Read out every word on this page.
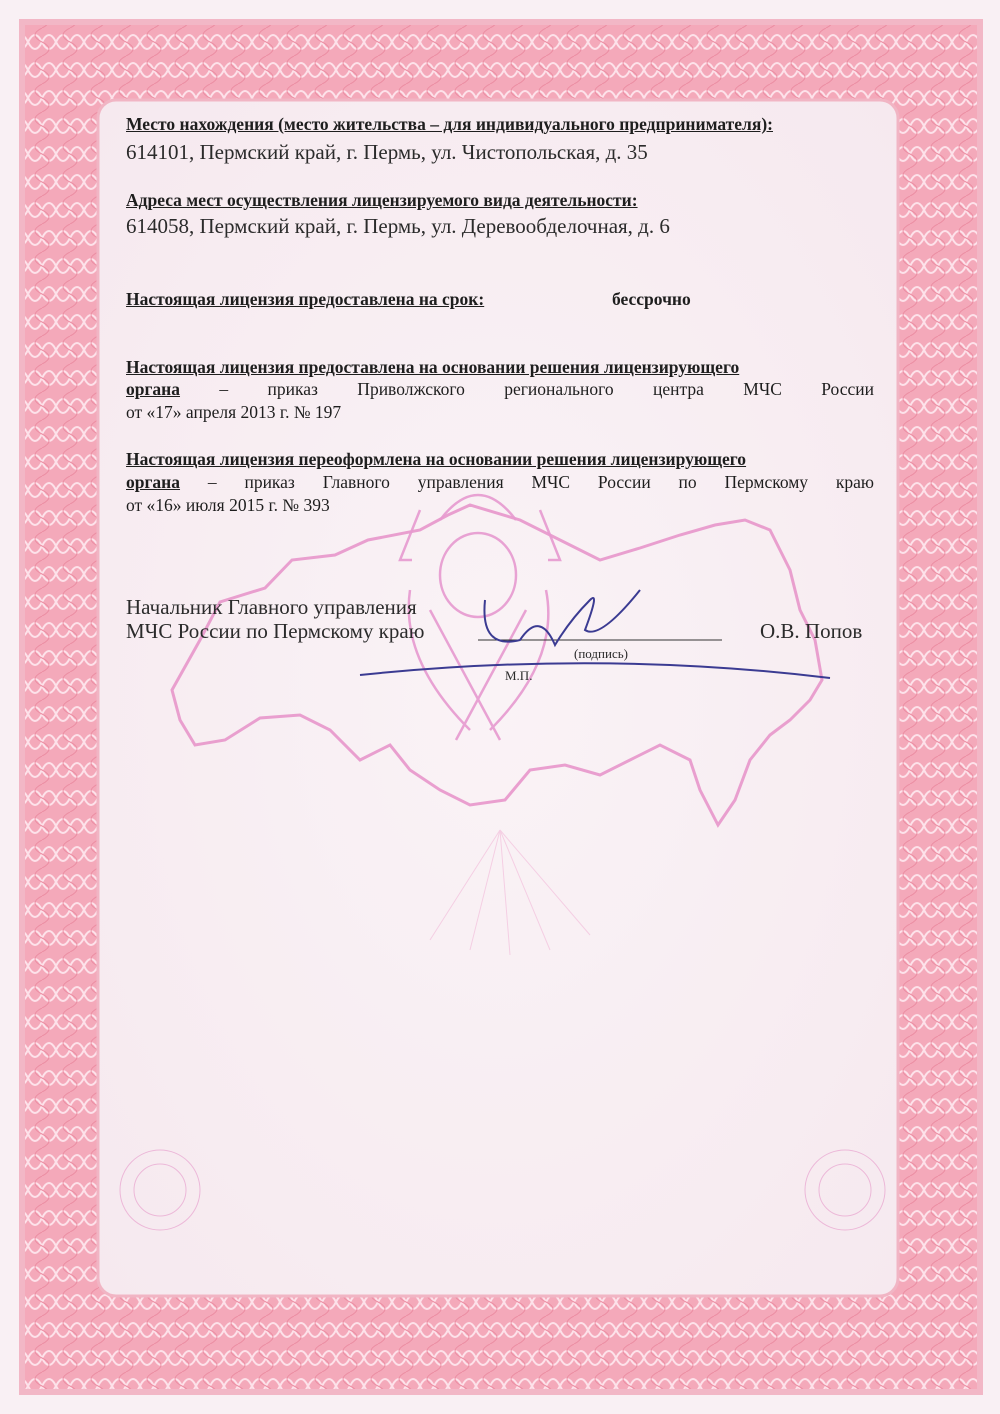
Место нахождения (место жительства – для индивидуального предпринимателя):
614101, Пермский край, г. Пермь, ул. Чистопольская, д. 35
Адреса мест осуществления лицензируемого вида деятельности:
614058, Пермский край, г. Пермь, ул. Деревообделочная, д. 6
Настоящая лицензия предоставлена на срок:	бессрочно
Настоящая лицензия предоставлена на основании решения лицензирующего
органа – приказ Приволжского регионального центра МЧС России
от «17» апреля 2013 г. № 197
Настоящая лицензия переоформлена на основании решения лицензирующего
органа – приказ Главного управления МЧС России по Пермскому краю
от «16» июля 2015 г. № 393
Начальник Главного управления
МЧС России по Пермскому краю	О.В. Попов
(подпись)
М.П.
